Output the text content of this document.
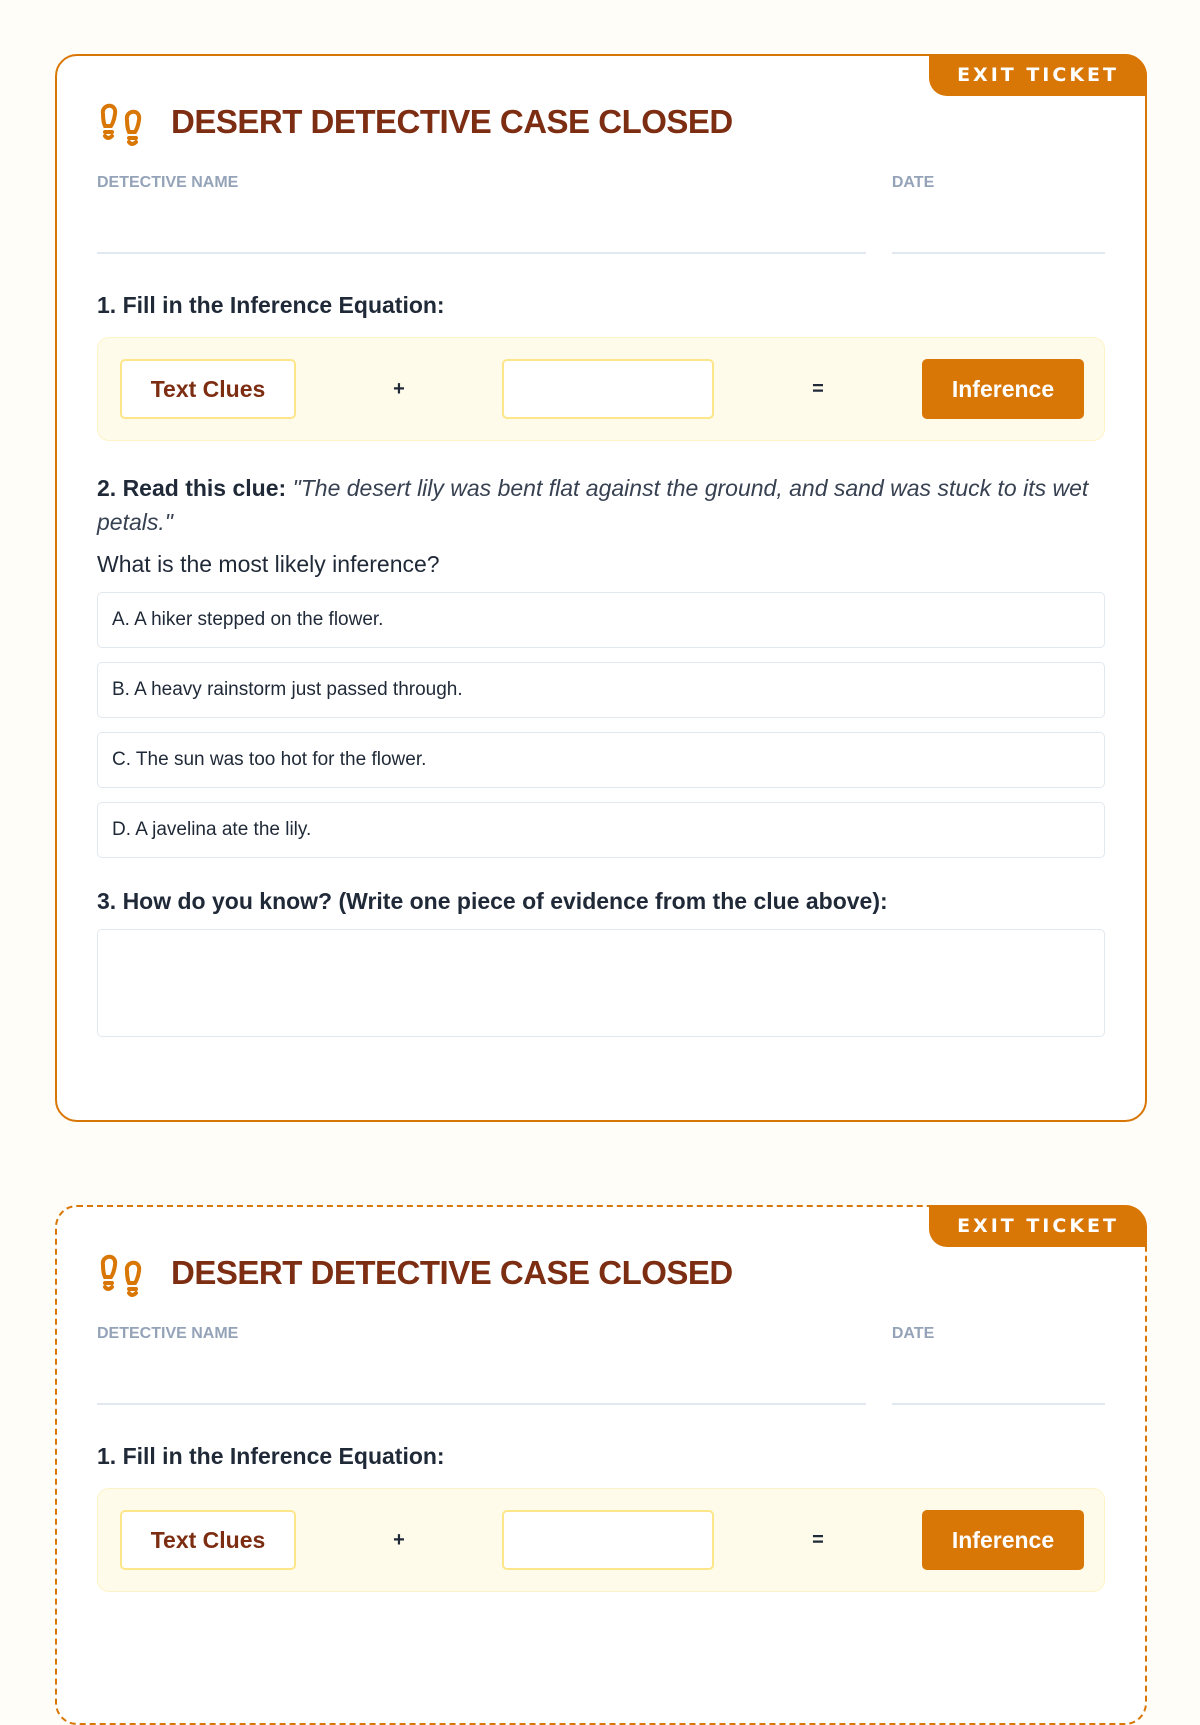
EXIT TICKET
DESERT DETECTIVE CASE CLOSED
DETECTIVE NAME	DATE
1. Fill in the Inference Equation:
Text Clues	+	=	Inference
2. Read this clue: "The desert lily was bent flat against the ground, and sand was stuck to its wet petals."
What is the most likely inference?
A. A hiker stepped on the flower.
B. A heavy rainstorm just passed through.
C. The sun was too hot for the flower.
D. A javelina ate the lily.
3. How do you know? (Write one piece of evidence from the clue above):
EXIT TICKET
DESERT DETECTIVE CASE CLOSED
DETECTIVE NAME	DATE
1. Fill in the Inference Equation:
Text Clues	+	=	Inference
